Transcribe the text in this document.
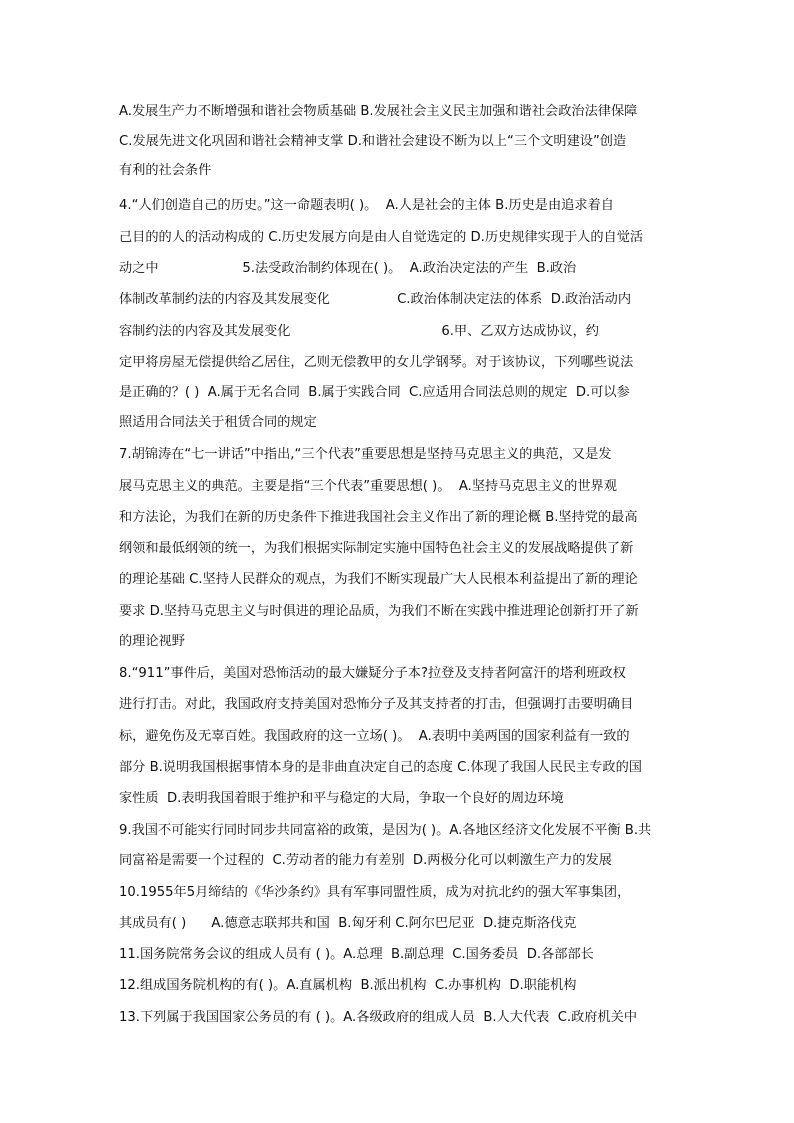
A.发展生产力不断增强和谐社会物质基础 B.发展社会主义民主加强和谐社会政治法律保障
C.发展先进文化巩固和谐社会精神支掌 D.和谐社会建设不断为以上“三个文明建设”创造
有利的社会条件
4.“人们创造自己的历史。”这一命题表明( )。  A.人是社会的主体 B.历史是由追求着自
己目的的人的活动构成的 C.历史发展方向是由人自觉选定的 D.历史规律实现于人的自觉活
动之中                    5.法受政治制约体现在( )。  A.政治决定法的产生  B.政治
体制改革制约法的内容及其发展变化                C.政治体制决定法的体系  D.政治活动内
容制约法的内容及其发展变化                                    6.甲、乙双方达成协议，约
定甲将房屋无偿提供给乙居住，乙则无偿教甲的女儿学钢琴。对于该协议，下列哪些说法
是正确的？( )  A.属于无名合同  B.属于实践合同  C.应适用合同法总则的规定  D.可以参
照适用合同法关于租赁合同的规定
7.胡锦涛在“七一讲话”中指出,“三个代表”重要思想是坚持马克思主义的典范，又是发
展马克思主义的典范。主要是指“三个代表”重要思想( )。  A.坚持马克思主义的世界观
和方法论，为我们在新的历史条件下推进我国社会主义作出了新的理论概 B.坚持党的最高
纲领和最低纲领的统一，为我们根据实际制定实施中国特色社会主义的发展战略提供了新
的理论基础 C.坚持人民群众的观点，为我们不断实现最广大人民根本利益提出了新的理论
要求 D.坚持马克思主义与时俱进的理论品质，为我们不断在实践中推进理论创新打开了新
的理论视野
8.“911”事件后，美国对恐怖活动的最大嫌疑分子本?拉登及支持者阿富汗的塔利班政权
进行打击。对此，我国政府支持美国对恐怖分子及其支持者的打击，但强调打击要明确目
标，避免伤及无辜百姓。我国政府的这一立场( )。  A.表明中美两国的国家利益有一致的
部分 B.说明我国根据事情本身的是非曲直决定自己的态度 C.体现了我国人民民主专政的国
家性质  D.表明我国着眼于维护和平与稳定的大局，争取一个良好的周边环境
9.我国不可能实行同时同步共同富裕的政策，是因为( )。A.各地区经济文化发展不平衡 B.共
同富裕是需要一个过程的  C.劳动者的能力有差别  D.两极分化可以刺激生产力的发展
10.1955年5月缔结的《华沙条约》具有军事同盟性质，成为对抗北约的强大军事集团，
其成员有( )      A.德意志联邦共和国  B.匈牙利 C.阿尔巴尼亚  D.捷克斯洛伐克
11.国务院常务会议的组成人员有 ( )。A.总理  B.副总理  C.国务委员  D.各部部长
12.组成国务院机构的有( )。A.直属机构  B.派出机构  C.办事机构  D.职能机构
13.下列属于我国国家公务员的有 ( )。A.各级政府的组成人员  B.人大代表  C.政府机关中
